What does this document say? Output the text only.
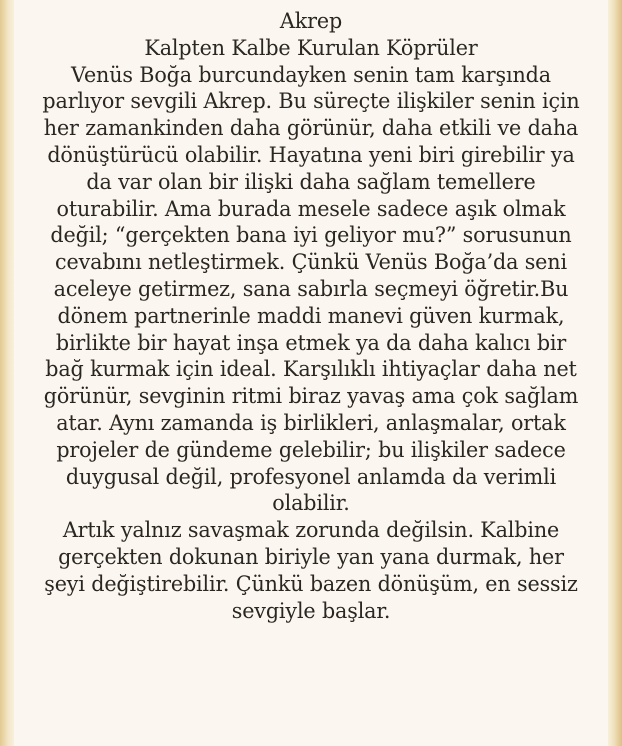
Akrep
Kalpten Kalbe Kurulan Köprüler
Venüs Boğa burcundayken senin tam karşında
parlıyor sevgili Akrep. Bu süreçte ilişkiler senin için
her zamankinden daha görünür, daha etkili ve daha
dönüştürücü olabilir. Hayatına yeni biri girebilir ya
da var olan bir ilişki daha sağlam temellere
oturabilir. Ama burada mesele sadece aşık olmak
değil; “gerçekten bana iyi geliyor mu?” sorusunun
cevabını netleştirmek. Çünkü Venüs Boğa’da seni
aceleye getirmez, sana sabırla seçmeyi öğretir.Bu
dönem partnerinle maddi manevi güven kurmak,
birlikte bir hayat inşa etmek ya da daha kalıcı bir
bağ kurmak için ideal. Karşılıklı ihtiyaçlar daha net
görünür, sevginin ritmi biraz yavaş ama çok sağlam
atar. Aynı zamanda iş birlikleri, anlaşmalar, ortak
projeler de gündeme gelebilir; bu ilişkiler sadece
duygusal değil, profesyonel anlamda da verimli
olabilir.
Artık yalnız savaşmak zorunda değilsin. Kalbine
gerçekten dokunan biriyle yan yana durmak, her
şeyi değiştirebilir. Çünkü bazen dönüşüm, en sessiz
sevgiyle başlar.
